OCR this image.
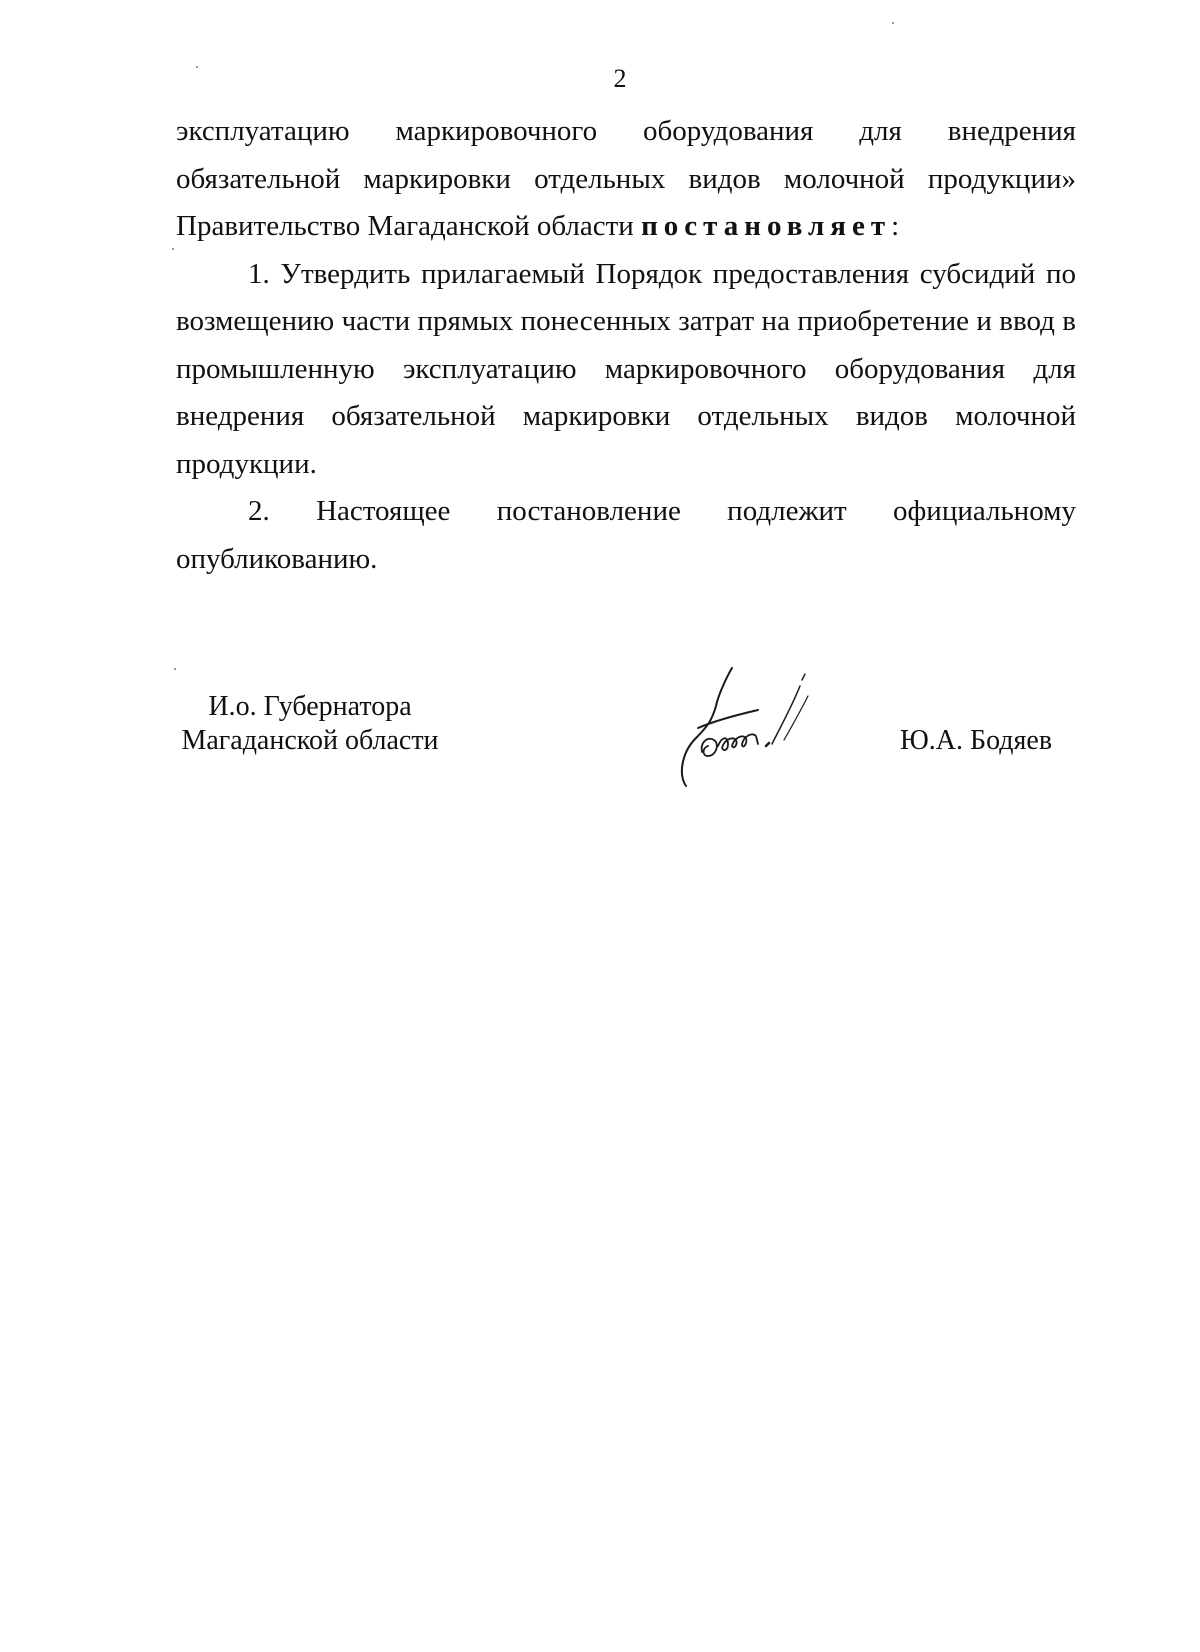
2

эксплуатацию маркировочного оборудования для внедрения обязательной маркировки отдельных видов молочной продукции» Правительство Магаданской области постановляет:

1. Утвердить прилагаемый Порядок предоставления субсидий по возмещению части прямых понесенных затрат на приобретение и ввод в промышленную эксплуатацию маркировочного оборудования для внедрения обязательной маркировки отдельных видов молочной продукции.

2. Настоящее постановление подлежит официальному опубликованию.

И.о. Губернатора
Магаданской области	Ю.А. Бодяев
